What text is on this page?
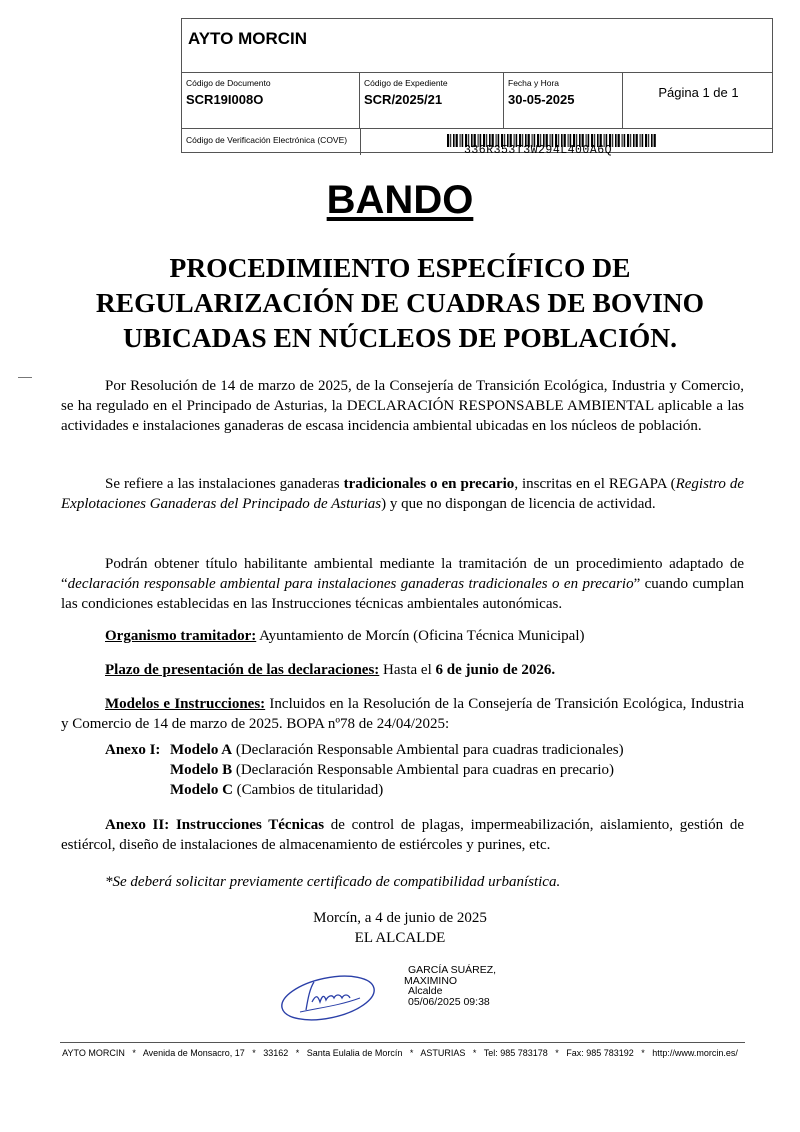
AYTO MORCIN
Código de Documento
SCR19I008O
Código de Expediente
SCR/2025/21
Fecha y Hora
30-05-2025	Página 1 de 1
Código de Verificación Electrónica (COVE)
336R353T3W294L400A6Q
BANDO
PROCEDIMIENTO ESPECÍFICO DE REGULARIZACIÓN DE CUADRAS DE BOVINO UBICADAS EN NÚCLEOS DE POBLACIÓN.

Por Resolución de 14 de marzo de 2025, de la Consejería de Transición Ecológica, Industria y Comercio, se ha regulado en el Principado de Asturias, la DECLARACIÓN RESPONSABLE AMBIENTAL aplicable a las actividades e instalaciones ganaderas de escasa incidencia ambiental ubicadas en los núcleos de población.

Se refiere a las instalaciones ganaderas tradicionales o en precario, inscritas en el REGAPA (Registro de Explotaciones Ganaderas del Principado de Asturias) y que no dispongan de licencia de actividad.

Podrán obtener título habilitante ambiental mediante la tramitación de un procedimiento adaptado de “declaración responsable ambiental para instalaciones ganaderas tradicionales o en precario” cuando cumplan las condiciones establecidas en las Instrucciones técnicas ambientales autonómicas.

Organismo tramitador: Ayuntamiento de Morcín (Oficina Técnica Municipal)

Plazo de presentación de las declaraciones: Hasta el 6 de junio de 2026.

Modelos e Instrucciones: Incluidos en la Resolución de la Consejería de Transición Ecológica, Industria y Comercio de 14 de marzo de 2025. BOPA nº78 de 24/04/2025:

Anexo I: Modelo A (Declaración Responsable Ambiental para cuadras tradicionales)
Modelo B (Declaración Responsable Ambiental para cuadras en precario)
Modelo C (Cambios de titularidad)

Anexo II: Instrucciones Técnicas de control de plagas, impermeabilización, aislamiento, gestión de estiércol, diseño de instalaciones de almacenamiento de estiércoles y purines, etc.

*Se deberá solicitar previamente certificado de compatibilidad urbanística.

Morcín, a 4 de junio de 2025
EL ALCALDE
GARCÍA SUÁREZ,
MAXIMINO
Alcalde
05/06/2025 09:38
AYTO MORCIN   *   Avenida de Monsacro, 17   *   33162   *   Santa Eulalia de Morcín   *   ASTURIAS   *   Tel: 985 783178   *   Fax: 985 783192   *   http://www.morcin.es/
